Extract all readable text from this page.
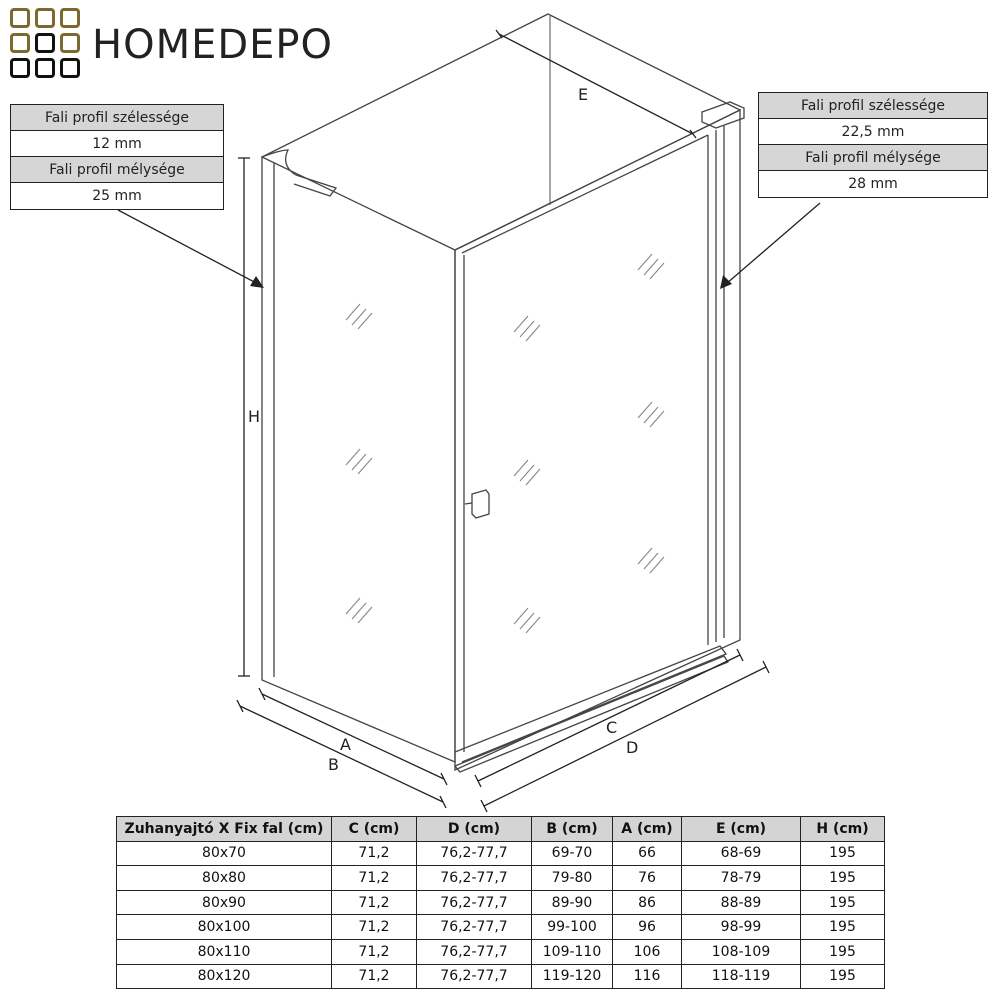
H
E
A
B
C
D
HOMEDEPO
Fali profil szélessége
12 mm
Fali profil mélysége
25 mm
Fali profil szélessége
22,5 mm
Fali profil mélysége
28 mm
Zuhanyajtó X Fix fal (cm)	C (cm)	D (cm)	B (cm)	A (cm)	E (cm)	H (cm)
80x70	71,2	76,2-77,7	69-70	66	68-69	195
80x80	71,2	76,2-77,7	79-80	76	78-79	195
80x90	71,2	76,2-77,7	89-90	86	88-89	195
80x100	71,2	76,2-77,7	99-100	96	98-99	195
80x110	71,2	76,2-77,7	109-110	106	108-109	195
80x120	71,2	76,2-77,7	119-120	116	118-119	195
